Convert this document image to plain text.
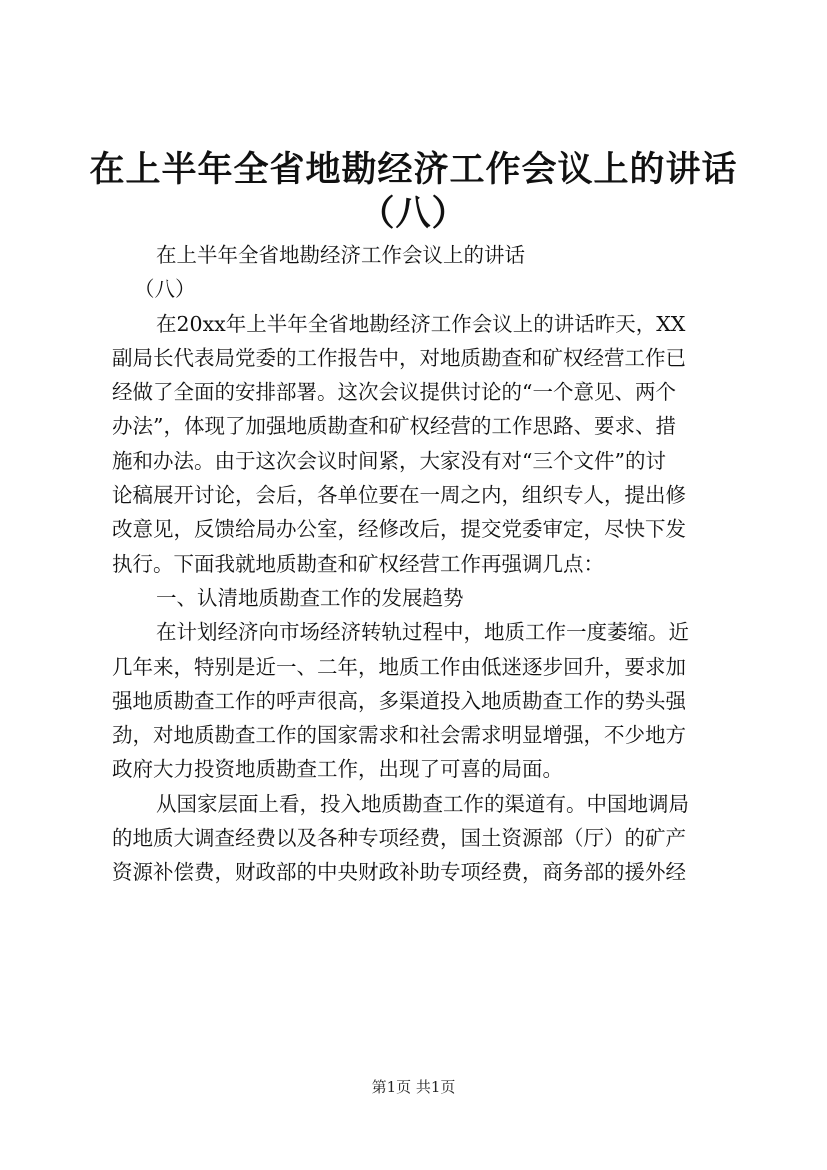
在上半年全省地勘经济工作会议上的讲话
（八）
在上半年全省地勘经济工作会议上的讲话
（八）
在20xx年上半年全省地勘经济工作会议上的讲话昨天，XX
副局长代表局党委的工作报告中，对地质勘查和矿权经营工作已
经做了全面的安排部署。这次会议提供讨论的“一个意见、两个
办法”，体现了加强地质勘查和矿权经营的工作思路、要求、措
施和办法。由于这次会议时间紧，大家没有对“三个文件”的讨
论稿展开讨论，会后，各单位要在一周之内，组织专人，提出修
改意见，反馈给局办公室，经修改后，提交党委审定，尽快下发
执行。下面我就地质勘查和矿权经营工作再强调几点：
一、认清地质勘查工作的发展趋势
在计划经济向市场经济转轨过程中，地质工作一度萎缩。近
几年来，特别是近一、二年，地质工作由低迷逐步回升，要求加
强地质勘查工作的呼声很高，多渠道投入地质勘查工作的势头强
劲，对地质勘查工作的国家需求和社会需求明显增强，不少地方
政府大力投资地质勘查工作，出现了可喜的局面。
从国家层面上看，投入地质勘查工作的渠道有。中国地调局
的地质大调查经费以及各种专项经费，国土资源部（厅）的矿产
资源补偿费，财政部的中央财政补助专项经费，商务部的援外经
第1页 共1页
